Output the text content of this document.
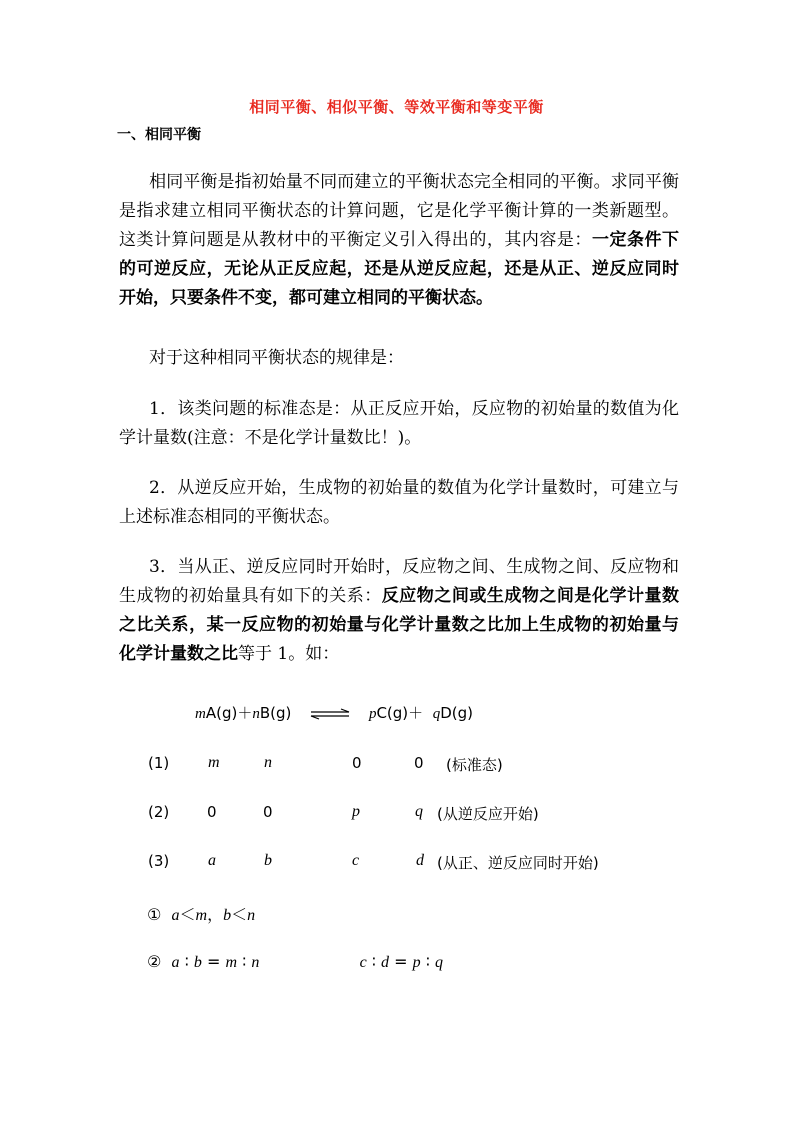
相同平衡、相似平衡、等效平衡和等变平衡
一、相同平衡

相同平衡是指初始量不同而建立的平衡状态完全相同的平衡。求同平衡是指求建立相同平衡状态的计算问题，它是化学平衡计算的一类新题型。这类计算问题是从教材中的平衡定义引入得出的，其内容是：一定条件下的可逆反应，无论从正反应起，还是从逆反应起，还是从正、逆反应同时开始，只要条件不变，都可建立相同的平衡状态。

对于这种相同平衡状态的规律是：

1．该类问题的标准态是：从正反应开始，反应物的初始量的数值为化学计量数(注意：不是化学计量数比！)。

2．从逆反应开始，生成物的初始量的数值为化学计量数时，可建立与上述标准态相同的平衡状态。

3．当从正、逆反应同时开始时，反应物之间、生成物之间、反应物和生成物的初始量具有如下的关系：反应物之间或生成物之间是化学计量数之比关系，某一反应物的初始量与化学计量数之比加上生成物的初始量与化学计量数之比等于 1。如：

mA(g)＋nB(g) ⇌ pC(g)＋ qD(g)
(1) m	n	0	0 (标准态)
(2)	0	0	p	q (从逆反应开始)
(3) a	b	c	d (从正、逆反应同时开始)
① a＜m，b＜n
② a ∶ b = m ∶ n	c ∶ d = p ∶ q
